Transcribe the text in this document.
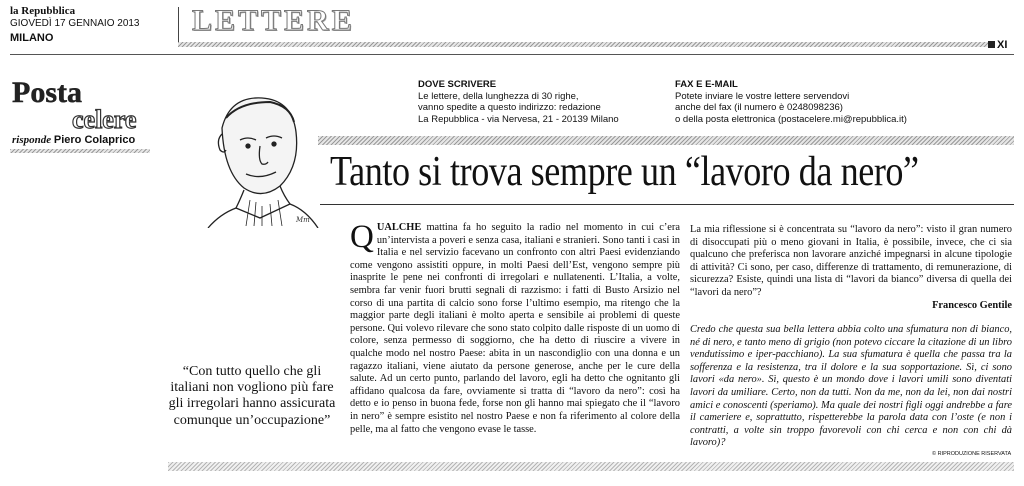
la Repubblica
GIOVEDÌ 17 GENNAIO 2013
MILANO
LETTERE
XI
Posta
celere
risponde Piero Colaprico
Mm
DOVE SCRIVERE
Le lettere, della lunghezza di 30 righe,
vanno spedite a questo indirizzo: redazione
La Repubblica - via Nervesa, 21 - 20139 Milano
FAX E E-MAIL
Potete inviare le vostre lettere servendovi
anche del fax (il numero è 0248098236)
o della posta elettronica (postacelere.mi@repubblica.it)
Tanto si trova sempre un “lavoro da nero”
“Con tutto quello che gli italiani non vogliono più fare gli irregolari hanno assicurata comunque un’occupazione”
QUALCHE mattina fa ho seguito la radio nel momento in cui c’era un’intervista a poveri e senza casa, italiani e stranieri. Sono tanti i casi in Italia e nel servizio facevano un confronto con altri Paesi evidenziando come vengono assistiti oppure, in molti Paesi dell’Est, vengono sempre più inasprite le pene nei confronti di irregolari e nullatenenti. L’Italia, a volte, sembra far venir fuori brutti segnali di razzismo: i fatti di Busto Arsizio nel corso di una partita di calcio sono forse l’ultimo esempio, ma ritengo che la maggior parte degli italiani è molto aperta e sensibile ai problemi di queste persone. Qui volevo rilevare che sono stato colpito dalle risposte di un uomo di colore, senza permesso di soggiorno, che ha detto di riuscire a vivere in qualche modo nel nostro Paese: abita in un nascondiglio con una donna e un ragazzo italiani, viene aiutato da persone generose, anche per le cure della salute. Ad un certo punto, parlando del lavoro, egli ha detto che ognitanto gli affidano qualcosa da fare, ovviamente si tratta di “lavoro da nero”: così ha detto e io penso in buona fede, forse non gli hanno mai spiegato che il “lavoro in nero” è sempre esistito nel nostro Paese e non fa riferimento al colore della pelle, ma al fatto che vengono evase le tasse.
La mia riflessione si è concentrata su “lavoro da nero”: visto il gran numero di disoccupati più o meno giovani in Italia, è possibile, invece, che ci sia qualcuno che preferisca non lavorare anziché impegnarsi in alcune tipologie di attività? Ci sono, per caso, differenze di trattamento, di remunerazione, di sicurezza? Esiste, quindi una lista di “lavori da bianco” diversa di quella dei “lavori da nero”?
Francesco Gentile
Credo che questa sua bella lettera abbia colto una sfumatura non di bianco, né di nero, e tanto meno di grigio (non potevo ciccare la citazione di un libro vendutissimo e iper-pacchiano). La sua sfumatura è quella che passa tra la sofferenza e la resistenza, tra il dolore e la sua sopportazione. Sì, ci sono lavori «da nero». Sì, questo è un mondo dove i lavori umili sono diventati lavori da umiliare. Certo, non da tutti. Non da me, non da lei, non dai nostri amici e conoscenti (speriamo). Ma quale dei nostri figli oggi andrebbe a fare il cameriere e, soprattutto, rispetterebbe la parola data con l’oste (e non i contratti, a volte sin troppo favorevoli con chi cerca e non con chi dà lavoro)?
© RIPRODUZIONE RISERVATA
